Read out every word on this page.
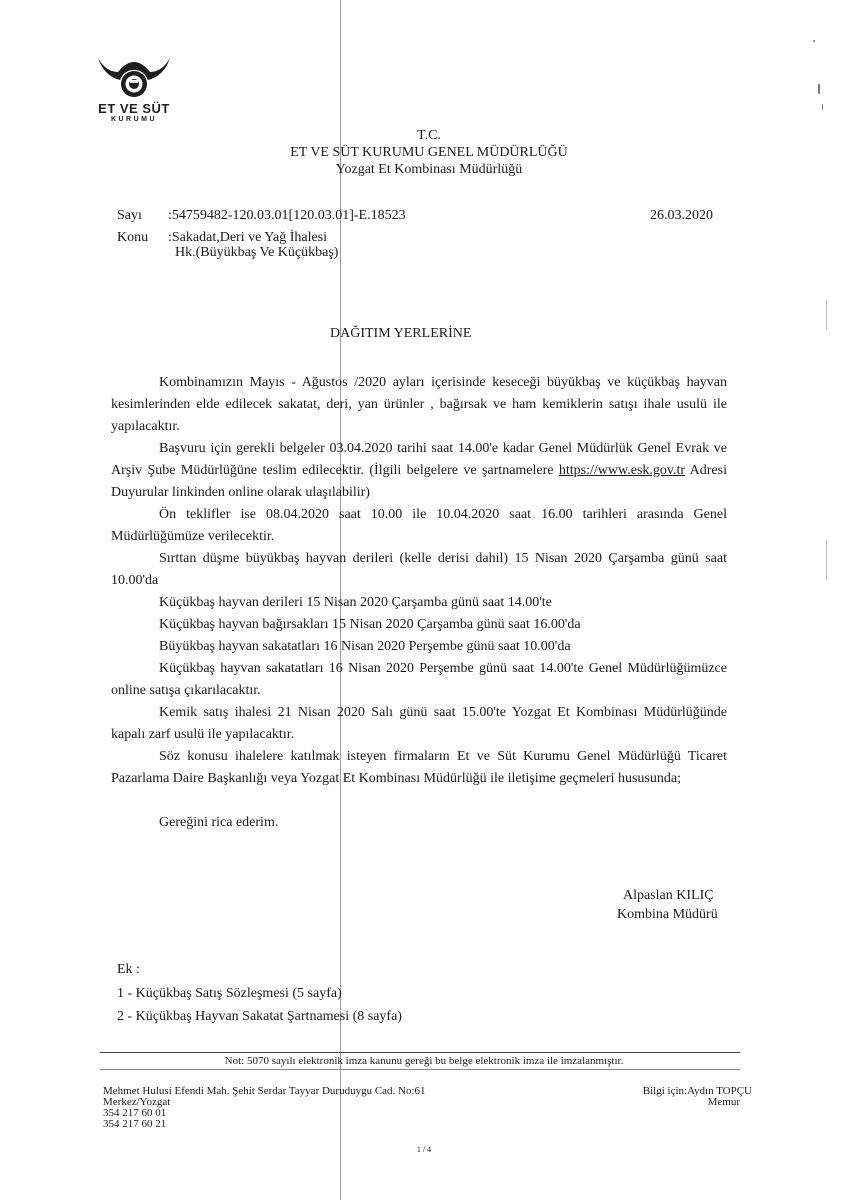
ET VE SÜT
KURUMU
T.C.
ET VE SÜT KURUMU GENEL MÜDÜRLÜĞÜ
Yozgat Et Kombinası Müdürlüğü
Sayı :54759482-120.03.01[120.03.01]-E.18523	26.03.2020
Konu :Sakadat,Deri ve Yağ İhalesi
Hk.(Büyükbaş Ve Küçükbaş)
DAĞITIM YERLERİNE

Kombinamızın Mayıs - Ağustos /2020 ayları içerisinde keseceği büyükbaş ve küçükbaş hayvan kesimlerinden elde edilecek sakatat, deri, yan ürünler , bağırsak ve ham kemiklerin satışı ihale usulü ile yapılacaktır.

Başvuru için gerekli belgeler 03.04.2020 tarihi saat 14.00'e kadar Genel Müdürlük Genel Evrak ve Arşiv Şube Müdürlüğüne teslim edilecektir. (İlgili belgelere ve şartnamelere https://www.esk.gov.tr Adresi Duyurular linkinden online olarak ulaşılabilir)

Ön teklifler ise 08.04.2020 saat 10.00 ile 10.04.2020 saat 16.00 tarihleri arasında Genel Müdürlüğümüze verilecektir.

Sırttan düşme büyükbaş hayvan derileri (kelle derisi dahil) 15 Nisan 2020 Çarşamba günü saat 10.00'da

Küçükbaş hayvan derileri 15 Nisan 2020 Çarşamba günü saat 14.00'te

Küçükbaş hayvan bağırsakları 15 Nisan 2020 Çarşamba günü saat 16.00'da

Büyükbaş hayvan sakatatları 16 Nisan 2020 Perşembe günü saat 10.00'da

Küçükbaş hayvan sakatatları 16 Nisan 2020 Perşembe günü saat 14.00'te Genel Müdürlüğümüzce online satışa çıkarılacaktır.

Kemik satış ihalesi 21 Nisan 2020 Salı günü saat 15.00'te Yozgat Et Kombinası Müdürlüğünde kapalı zarf usulü ile yapılacaktır.

Söz konusu ihalelere katılmak isteyen firmaların Et ve Süt Kurumu Genel Müdürlüğü Ticaret Pazarlama Daire Başkanlığı veya Yozgat Et Kombinası Müdürlüğü ile iletişime geçmeleri hususunda;

Gereğini rica ederim.

Alpaslan KILIÇ
Kombina Müdürü
Ek :
1 - Küçükbaş Satış Sözleşmesi (5 sayfa)
2 - Küçükbaş Hayvan Sakatat Şartnamesi (8 sayfa)
Not: 5070 sayılı elektronik imza kanunu gereği bu belge elektronik imza ile imzalanmıştır.
Mehmet Hulusi Efendi Mah. Şehit Serdar Tayyar Duruduygu Cad. No:61
Merkez/Yozgat
354 217 60 01
354 217 60 21
Bilgi için:Aydın TOPÇU
Memur
1 / 4
